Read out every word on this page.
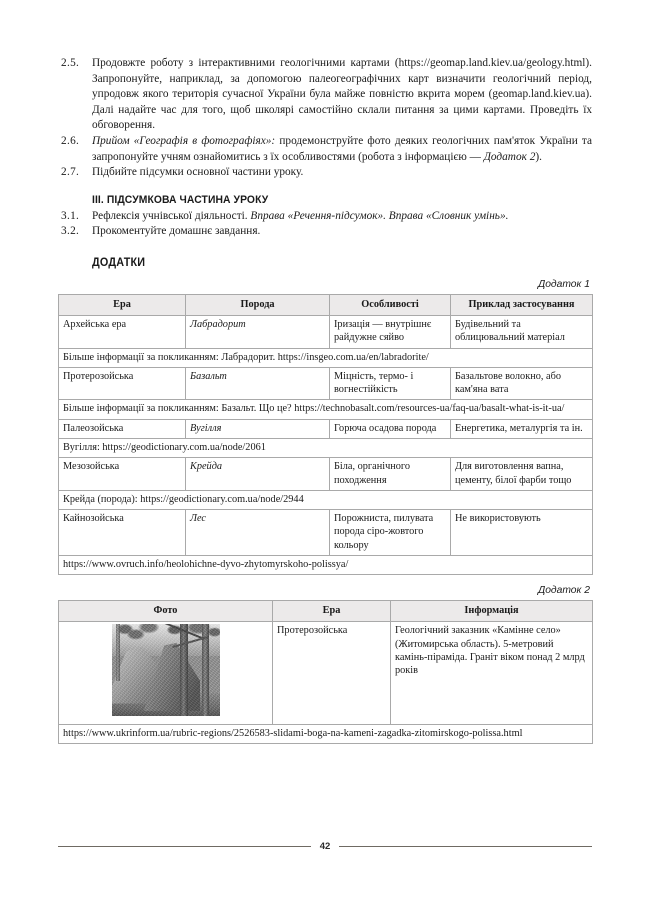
2.5.	Продовжте роботу з інтерактивними геологічними картами (https://geomap.land.kiev.ua/geology.html). Запропонуйте, наприклад, за допомогою палеогеографічних карт визначити геологічний період, упродовж якого територія сучасної України була майже повністю вкрита морем (geomap.land.kiev.ua). Далі надайте час для того, щоб школярі самостійно склали питання за цими картами. Проведіть їх обговорення.
2.6.	Прийом «Географія в фотографіях»: продемонструйте фото деяких геологічних пам'яток України та запропонуйте учням ознайомитись з їх особливостями (робота з інформацією — Додаток 2).
2.7.	Підбийте підсумки основної частини уроку.
III. ПІДСУМКОВА ЧАСТИНА УРОКУ
3.1.	Рефлексія учнівської діяльності. Вправа «Речення-підсумок». Вправа «Словник умінь».
3.2.	Прокоментуйте домашнє завдання.
ДОДАТКИ
Додаток 1
Ера	Порода	Особливості	Приклад застосування
Архейська ера	Лабрадорит	Іризація — внутрішнє райдужне сяйво	Будівельний та облицювальний матеріал
Більше інформації за покликанням: Лабрадорит. https://insgeo.com.ua/en/labradorite/			
Протерозойська	Базальт	Міцність, термо- і вогнестійкість	Базальтове волокно, або кам'яна вата
Більше інформації за покликанням: Базальт. Що це? https://technobasalt.com/resources-ua/faq-ua/basalt-what-is-it-ua/			
Палеозойська	Вугілля	Горюча осадова порода	Енергетика, металургія та ін.
Вугілля: https://geodictionary.com.ua/node/2061			
Мезозойська	Крейда	Біла, органічного походження	Для виготовлення вапна, цементу, білої фарби тощо
Крейда (порода): https://geodictionary.com.ua/node/2944			
Кайнозойська	Лес	Порожниста, пилувата порода сіро-жовтого кольору	Не використовують
https://www.ovruch.info/heolohichne-dyvo-zhytomyrskoho-polissya/			
Додаток 2
Фото	Ера	Інформація

	Протерозойська	Геологічний заказник «Камінне село» (Житомирська область). 5-метровий камінь-піраміда. Граніт віком понад 2 млрд років
https://www.ukrinform.ua/rubric-regions/2526583-slidami-boga-na-kameni-zagadka-zitomirskogo-polissa.html		
42
